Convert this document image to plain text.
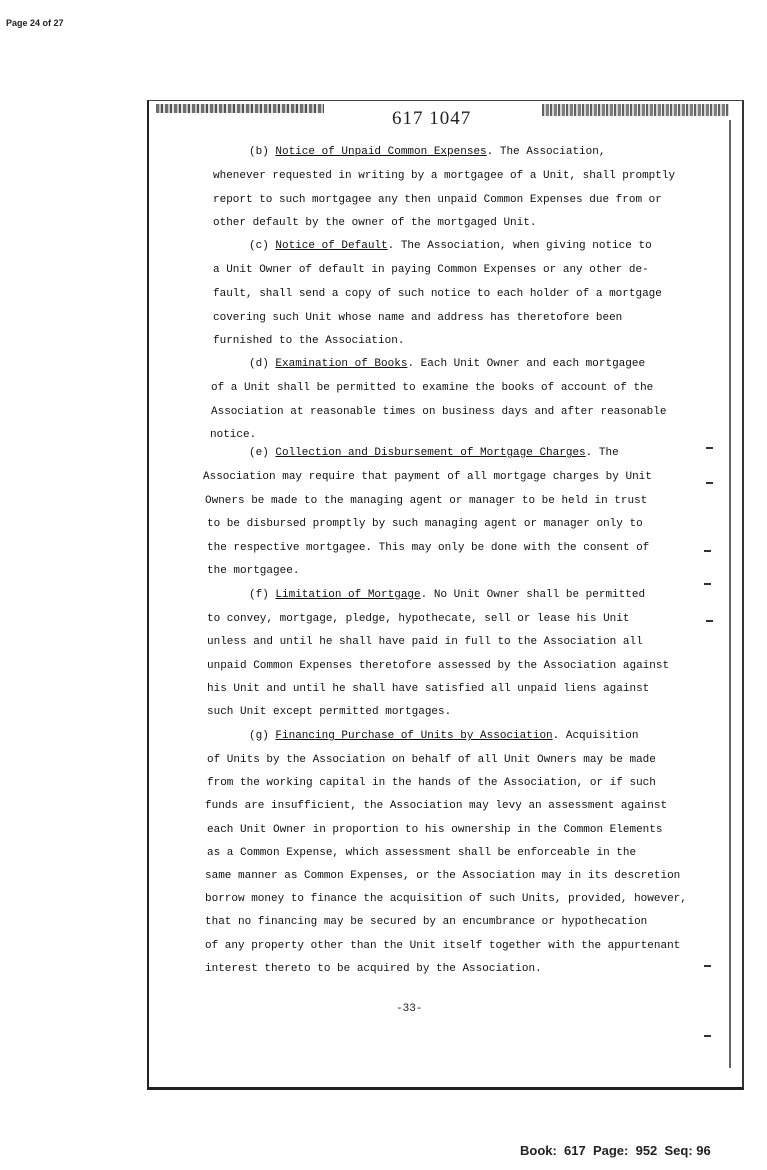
Page 24 of 27
617 1047
(b) Notice of Unpaid Common Expenses. The Association,
whenever requested in writing by a mortgagee of a Unit, shall promptly
report to such mortgagee any then unpaid Common Expenses due from or
other default by the owner of the mortgaged Unit.
(c) Notice of Default. The Association, when giving notice to
a Unit Owner of default in paying Common Expenses or any other de-
fault, shall send a copy of such notice to each holder of a mortgage
covering such Unit whose name and address has theretofore been
furnished to the Association.
(d) Examination of Books. Each Unit Owner and each mortgagee
of a Unit shall be permitted to examine the books of account of the
Association at reasonable times on business days and after reasonable
notice.
(e) Collection and Disbursement of Mortgage Charges. The
Association may require that payment of all mortgage charges by Unit
Owners be made to the managing agent or manager to be held in trust
to be disbursed promptly by such managing agent or manager only to
the respective mortgagee. This may only be done with the consent of
the mortgagee.
(f) Limitation of Mortgage. No Unit Owner shall be permitted
to convey, mortgage, pledge, hypothecate, sell or lease his Unit
unless and until he shall have paid in full to the Association all
unpaid Common Expenses theretofore assessed by the Association against
his Unit and until he shall have satisfied all unpaid liens against
such Unit except permitted mortgages.
(g) Financing Purchase of Units by Association. Acquisition
of Units by the Association on behalf of all Unit Owners may be made
from the working capital in the hands of the Association, or if such
funds are insufficient, the Association may levy an assessment against
each Unit Owner in proportion to his ownership in the Common Elements
as a Common Expense, which assessment shall be enforceable in the
same manner as Common Expenses, or the Association may in its descretion
borrow money to finance the acquisition of such Units, provided, however,
that no financing may be secured by an encumbrance or hypothecation
of any property other than the Unit itself together with the appurtenant
interest thereto to be acquired by the Association.
-33-
Book:  617  Page:  952  Seq: 96
